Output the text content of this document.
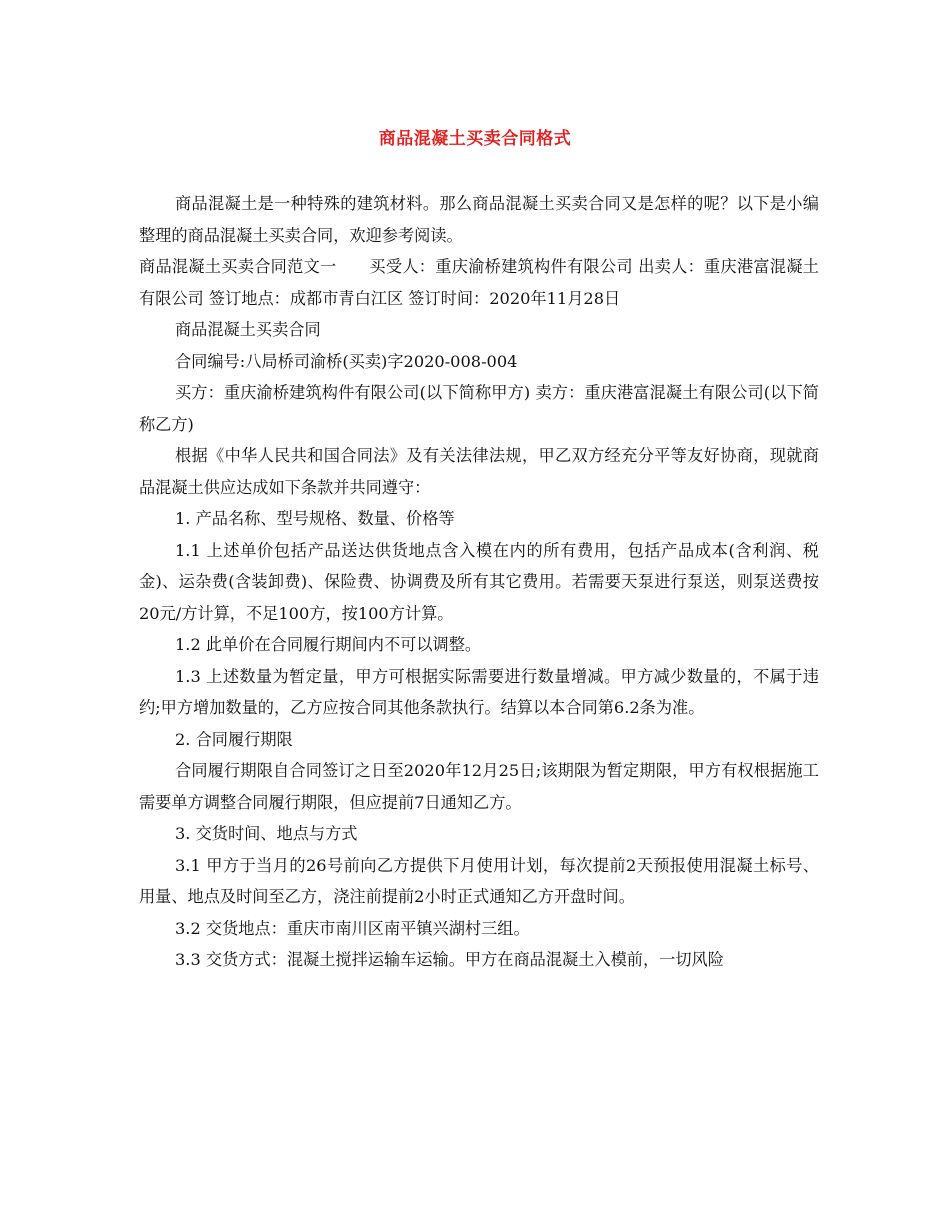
商品混凝土买卖合同格式

商品混凝土是一种特殊的建筑材料。那么商品混凝土买卖合同又是怎样的呢？以下是小编整理的商品混凝土买卖合同，欢迎参考阅读。

商品混凝土买卖合同范文一　　买受人：重庆渝桥建筑构件有限公司 出卖人：重庆港富混凝土有限公司 签订地点：成都市青白江区 签订时间：2020年11月28日

商品混凝土买卖合同

合同编号:八局桥司渝桥(买卖)字2020-008-004

买方：重庆渝桥建筑构件有限公司(以下简称甲方) 卖方：重庆港富混凝土有限公司(以下简称乙方)

根据《中华人民共和国合同法》及有关法律法规，甲乙双方经充分平等友好协商，现就商品混凝土供应达成如下条款并共同遵守：

1. 产品名称、型号规格、数量、价格等

1.1 上述单价包括产品送达供货地点含入模在内的所有费用，包括产品成本(含利润、税金)、运杂费(含装卸费)、保险费、协调费及所有其它费用。若需要天泵进行泵送，则泵送费按20元/方计算，不足100方，按100方计算。

1.2 此单价在合同履行期间内不可以调整。

1.3 上述数量为暂定量，甲方可根据实际需要进行数量增减。甲方减少数量的，不属于违约;甲方增加数量的，乙方应按合同其他条款执行。结算以本合同第6.2条为准。

2. 合同履行期限

合同履行期限自合同签订之日至2020年12月25日;该期限为暂定期限，甲方有权根据施工需要单方调整合同履行期限，但应提前7日通知乙方。

3. 交货时间、地点与方式

3.1 甲方于当月的26号前向乙方提供下月使用计划，每次提前2天预报使用混凝土标号、用量、地点及时间至乙方，浇注前提前2小时正式通知乙方开盘时间。

3.2 交货地点：重庆市南川区南平镇兴湖村三组。

3.3 交货方式：混凝土搅拌运输车运输。甲方在商品混凝土入模前，一切风险
